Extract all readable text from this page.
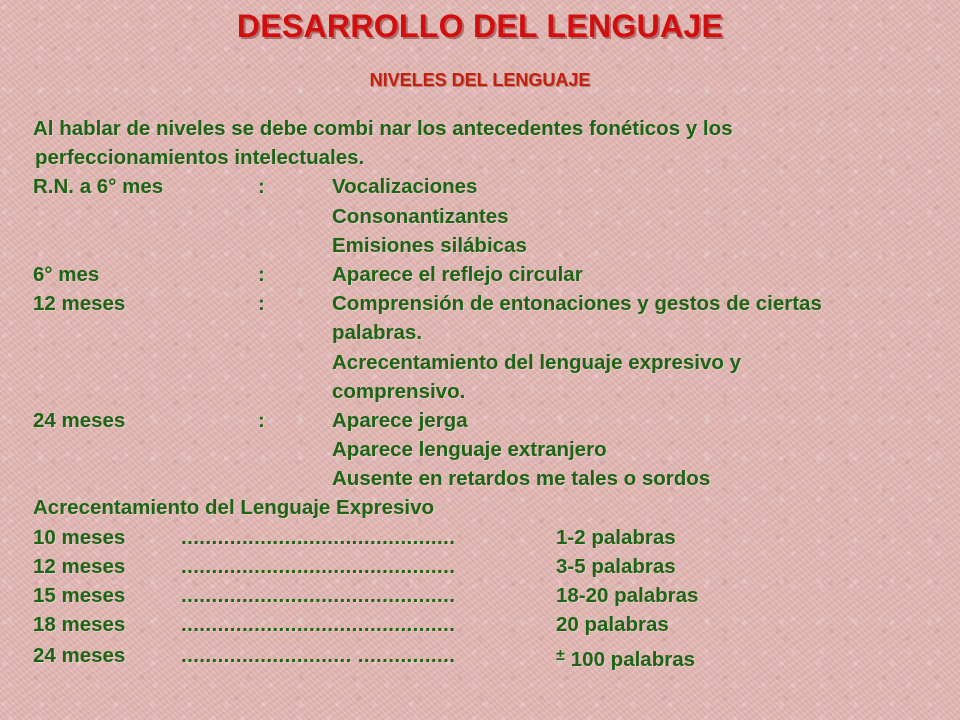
DESARROLLO DEL LENGUAJE
NIVELES DEL LENGUAJE
Al hablar de niveles se debe combi nar los antecedentes fonéticos y los
perfeccionamientos intelectuales.
R.N. a 6° mes	:	Vocalizaciones
Consonantizantes
Emisiones silábicas
6° mes	:	Aparece el reflejo circular
12 meses	:	Comprensión de entonaciones y gestos de ciertas
palabras.
Acrecentamiento del lenguaje expresivo y
comprensivo.
24 meses	:	Aparece jerga
Aparece lenguaje extranjero
Ausente en retardos me tales o sordos
Acrecentamiento del Lenguaje Expresivo
10 meses	.............................................	1-2 palabras
12 meses	.............................................	3-5 palabras
15 meses	.............................................	18-20 palabras
18 meses	.............................................	20 palabras
24 meses	............................ ................	± 100 palabras
